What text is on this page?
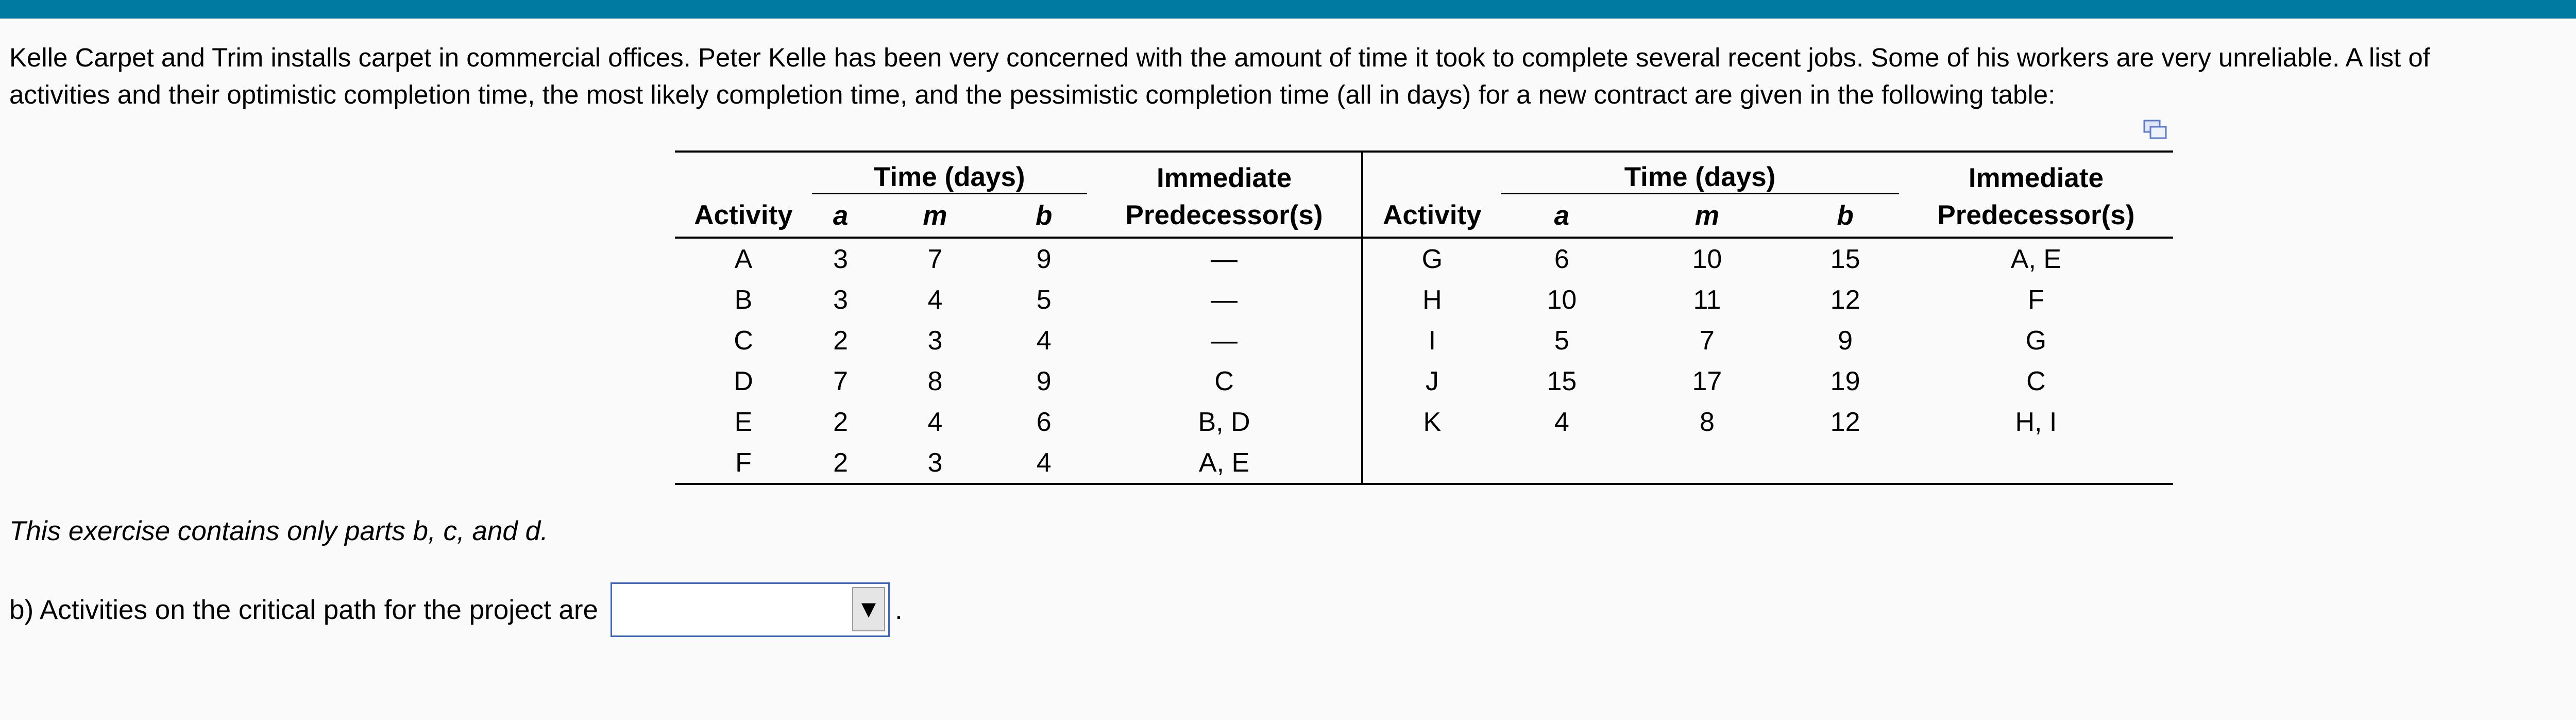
Kelle Carpet and Trim installs carpet in commercial offices. Peter Kelle has been very concerned with the amount of time it took to complete several recent jobs. Some of his workers are very unreliable. A list of
activities and their optimistic completion time, the most likely completion time, and the pessimistic completion time (all in days) for a new contract are given in the following table:
	Time (days)			Immediate		Time (days)			Immediate
Activity	a	m	b	Predecessor(s)	Activity	a	m	b	Predecessor(s)
A	3	7	9	—	G	6	10	15	A, E
B	3	4	5	—	H	10	11	12	F
C	2	3	4	—	I	5	7	9	G
D	7	8	9	C	J	15	17	19	C
E	2	4	6	B, D	K	4	8	12	H, I
F	2	3	4	A, E					
This exercise contains only parts b, c, and d.
b) Activities on the critical path for the project are	▼ .
